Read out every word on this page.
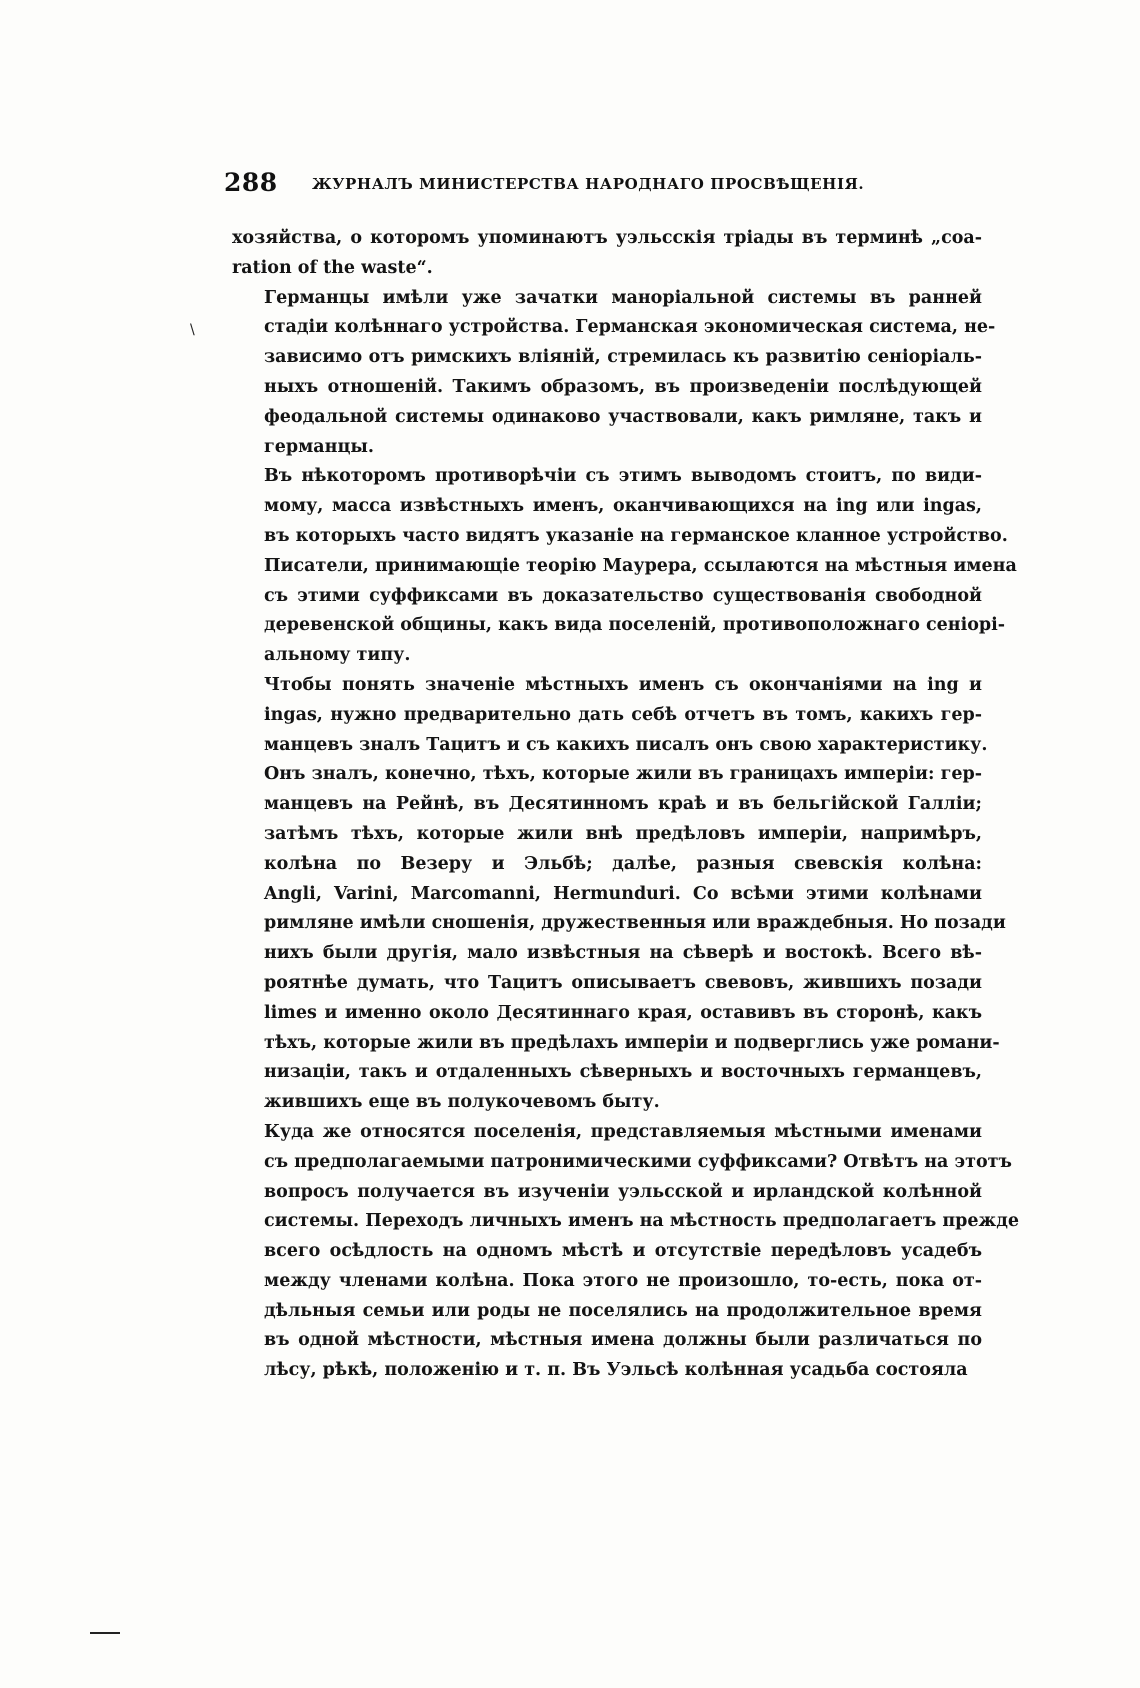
288 ЖУРНАЛЪ МИНИСТЕРСТВА НАРОДНАГО ПРОСВѢЩЕНІЯ.
\
хозяйства, о которомъ упоминаютъ уэльсскія тріады въ терминѣ „coa-
ration of the waste“.
Германцы имѣли уже зачатки маноріальной системы въ ранней
стадіи колѣннаго устройства. Германская экономическая система, не-
зависимо отъ римскихъ вліяній, стремилась къ развитію сеніоріаль-
ныхъ отношеній. Такимъ образомъ, въ произведеніи послѣдующей
феодальной системы одинаково участвовали, какъ римляне, такъ и
германцы.
Въ нѣкоторомъ противорѣчіи съ этимъ выводомъ стоитъ, по види-
мому, масса извѣстныхъ именъ, оканчивающихся на ing или ingas,
въ которыхъ часто видятъ указаніе на германское кланное устройство.
Писатели, принимающіе теорію Маурера, ссылаются на мѣстныя имена
съ этими суффиксами въ доказательство существованія свободной
деревенской общины, какъ вида поселеній, противоположнаго сеніорі-
альному типу.
Чтобы понять значеніе мѣстныхъ именъ съ окончаніями на ing и
ingas, нужно предварительно дать себѣ отчетъ въ томъ, какихъ гер-
манцевъ зналъ Тацитъ и съ какихъ писалъ онъ свою характеристику.
Онъ зналъ, конечно, тѣхъ, которые жили въ границахъ имперіи: гер-
манцевъ на Рейнѣ, въ Десятинномъ краѣ и въ бельгійской Галліи;
затѣмъ тѣхъ, которые жили внѣ предѣловъ имперіи, напримѣръ,
колѣна по Везеру и Эльбѣ; далѣе, разныя свевскія колѣна:
Angli, Varini, Marcomanni, Hermunduri. Со всѣми этими колѣнами
римляне имѣли сношенія, дружественныя или враждебныя. Но позади
нихъ были другія, мало извѣстныя на сѣверѣ и востокѣ. Всего вѣ-
роятнѣе думать, что Тацитъ описываетъ свевовъ, жившихъ позади
limes и именно около Десятиннаго края, оставивъ въ сторонѣ, какъ
тѣхъ, которые жили въ предѣлахъ имперіи и подверглись уже романи-
низаціи, такъ и отдаленныхъ сѣверныхъ и восточныхъ германцевъ,
жившихъ еще въ полукочевомъ быту.
Куда же относятся поселенія, представляемыя мѣстными именами
съ предполагаемыми патронимическими суффиксами? Отвѣтъ на этотъ
вопросъ получается въ изученіи уэльсской и ирландской колѣнной
системы. Переходъ личныхъ именъ на мѣстность предполагаетъ прежде
всего осѣдлость на одномъ мѣстѣ и отсутствіе передѣловъ усадебъ
между членами колѣна. Пока этого не произошло, то-есть, пока от-
дѣльныя семьи или роды не поселялись на продолжительное время
въ одной мѣстности, мѣстныя имена должны были различаться по
лѣсу, рѣкѣ, положенію и т. п. Въ Уэльсѣ колѣнная усадьба состояла
